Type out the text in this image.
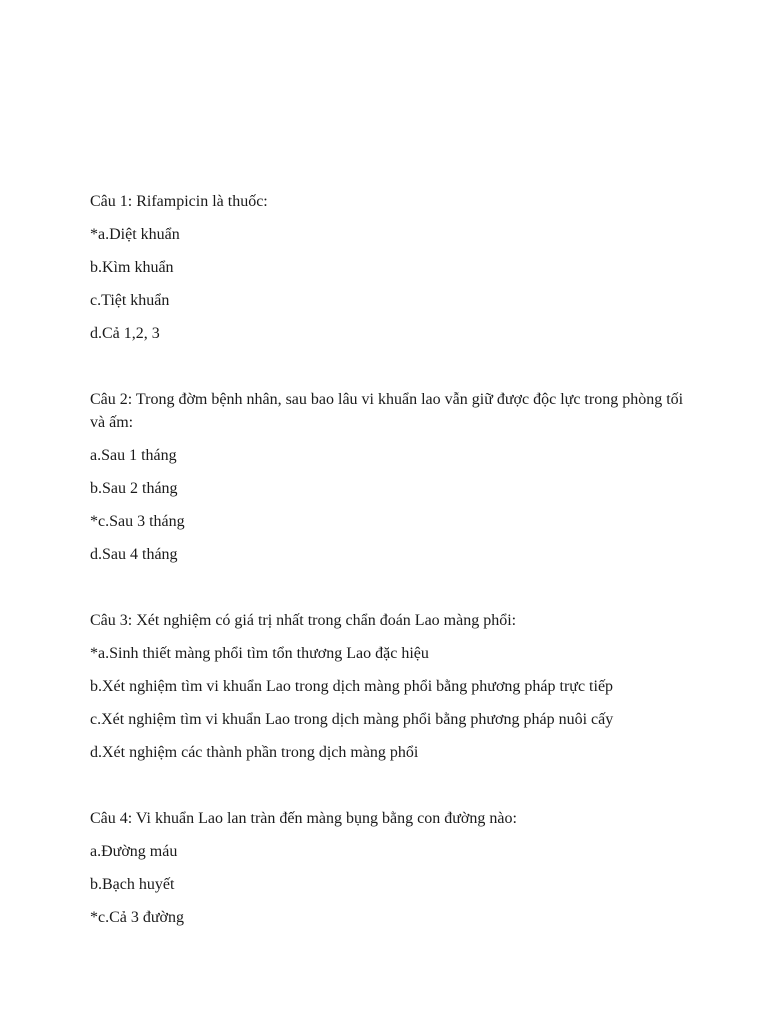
Câu 1: Rifampicin là thuốc:

*a.Diệt khuẩn

b.Kìm khuẩn

c.Tiệt khuẩn

d.Cả 1,2, 3

Câu 2: Trong đờm bệnh nhân, sau bao lâu vi khuẩn lao vẫn giữ được độc lực trong phòng tối và ấm:

a.Sau 1 tháng

b.Sau 2 tháng

*c.Sau 3 tháng

d.Sau 4 tháng

Câu 3: Xét nghiệm có giá trị nhất trong chẩn đoán Lao màng phổi:

*a.Sinh thiết màng phổi tìm tổn thương Lao đặc hiệu

b.Xét nghiệm tìm vi khuẩn Lao trong dịch màng phổi bằng phương pháp trực tiếp

c.Xét nghiệm tìm vi khuẩn Lao trong dịch màng phổi bằng phương pháp nuôi cấy

d.Xét nghiệm các thành phần trong dịch màng phổi

Câu 4: Vi khuẩn Lao lan tràn đến màng bụng bằng con đường nào:

a.Đường máu

b.Bạch huyết

*c.Cả 3 đường
